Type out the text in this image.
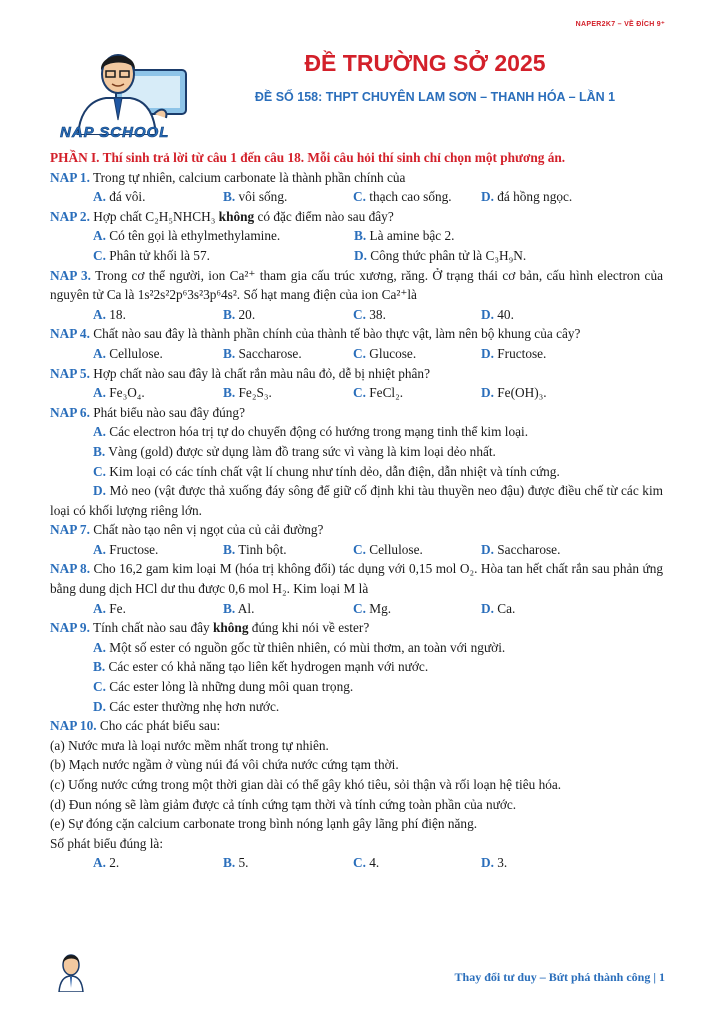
NAPER2K7 – VỀ ĐÍCH 9⁺
NAP SCHOOL
ĐỀ TRƯỜNG SỞ 2025
ĐỀ SỐ 158: THPT CHUYÊN LAM SƠN – THANH HÓA – LẦN 1
PHẦN I. Thí sinh trả lời từ câu 1 đến câu 18. Mỗi câu hỏi thí sinh chỉ chọn một phương án.
NAP 1. Trong tự nhiên, calcium carbonate là thành phần chính của
A. đá vôi.	B. vôi sống.	C. thạch cao sống.	D. đá hồng ngọc.
NAP 2. Hợp chất C₂H₅NHCH₃ không có đặc điểm nào sau đây?
A. Có tên gọi là ethylmethylamine.	B. Là amine bậc 2.
C. Phân tử khối là 57.	D. Công thức phân tử là C₃H₉N.
NAP 3. Trong cơ thể người, ion Ca²⁺ tham gia cấu trúc xương, răng. Ở trạng thái cơ bản, cấu hình electron của nguyên tử Ca là 1s²2s²2p⁶3s²3p⁶4s². Số hạt mang điện của ion Ca²⁺là
A. 18.	B. 20.	C. 38.	D. 40.
NAP 4. Chất nào sau đây là thành phần chính của thành tế bào thực vật, làm nên bộ khung của cây?
A. Cellulose.	B. Saccharose.	C. Glucose.	D. Fructose.
NAP 5. Hợp chất nào sau đây là chất rắn màu nâu đỏ, dễ bị nhiệt phân?
A. Fe₃O₄.	B. Fe₂S₃.	C. FeCl₂.	D. Fe(OH)₃.
NAP 6. Phát biểu nào sau đây đúng?
A. Các electron hóa trị tự do chuyển động có hướng trong mạng tinh thể kim loại.
B. Vàng (gold) được sử dụng làm đồ trang sức vì vàng là kim loại dẻo nhất.
C. Kim loại có các tính chất vật lí chung như tính dẻo, dẫn điện, dẫn nhiệt và tính cứng.
D. Mỏ neo (vật được thả xuống đáy sông để giữ cố định khi tàu thuyền neo đậu) được điều chế từ các kim loại có khối lượng riêng lớn.
NAP 7. Chất nào tạo nên vị ngọt của củ cải đường?
A. Fructose.	B. Tinh bột.	C. Cellulose.	D. Saccharose.
NAP 8. Cho 16,2 gam kim loại M (hóa trị không đổi) tác dụng với 0,15 mol O₂. Hòa tan hết chất rắn sau phản ứng bằng dung dịch HCl dư thu được 0,6 mol H₂. Kim loại M là
A. Fe.	B. Al.	C. Mg.	D. Ca.
NAP 9. Tính chất nào sau đây không đúng khi nói về ester?
A. Một số ester có nguồn gốc từ thiên nhiên, có mùi thơm, an toàn với người.
B. Các ester có khả năng tạo liên kết hydrogen mạnh với nước.
C. Các ester lỏng là những dung môi quan trọng.
D. Các ester thường nhẹ hơn nước.
NAP 10. Cho các phát biểu sau:
(a) Nước mưa là loại nước mềm nhất trong tự nhiên.
(b) Mạch nước ngầm ở vùng núi đá vôi chứa nước cứng tạm thời.
(c) Uống nước cứng trong một thời gian dài có thể gây khó tiêu, sỏi thận và rối loạn hệ tiêu hóa.
(d) Đun nóng sẽ làm giảm được cả tính cứng tạm thời và tính cứng toàn phần của nước.
(e) Sự đóng cặn calcium carbonate trong bình nóng lạnh gây lãng phí điện năng.
Số phát biểu đúng là:
A. 2.	B. 5.	C. 4.	D. 3.
Thay đổi tư duy – Bứt phá thành công | 1
